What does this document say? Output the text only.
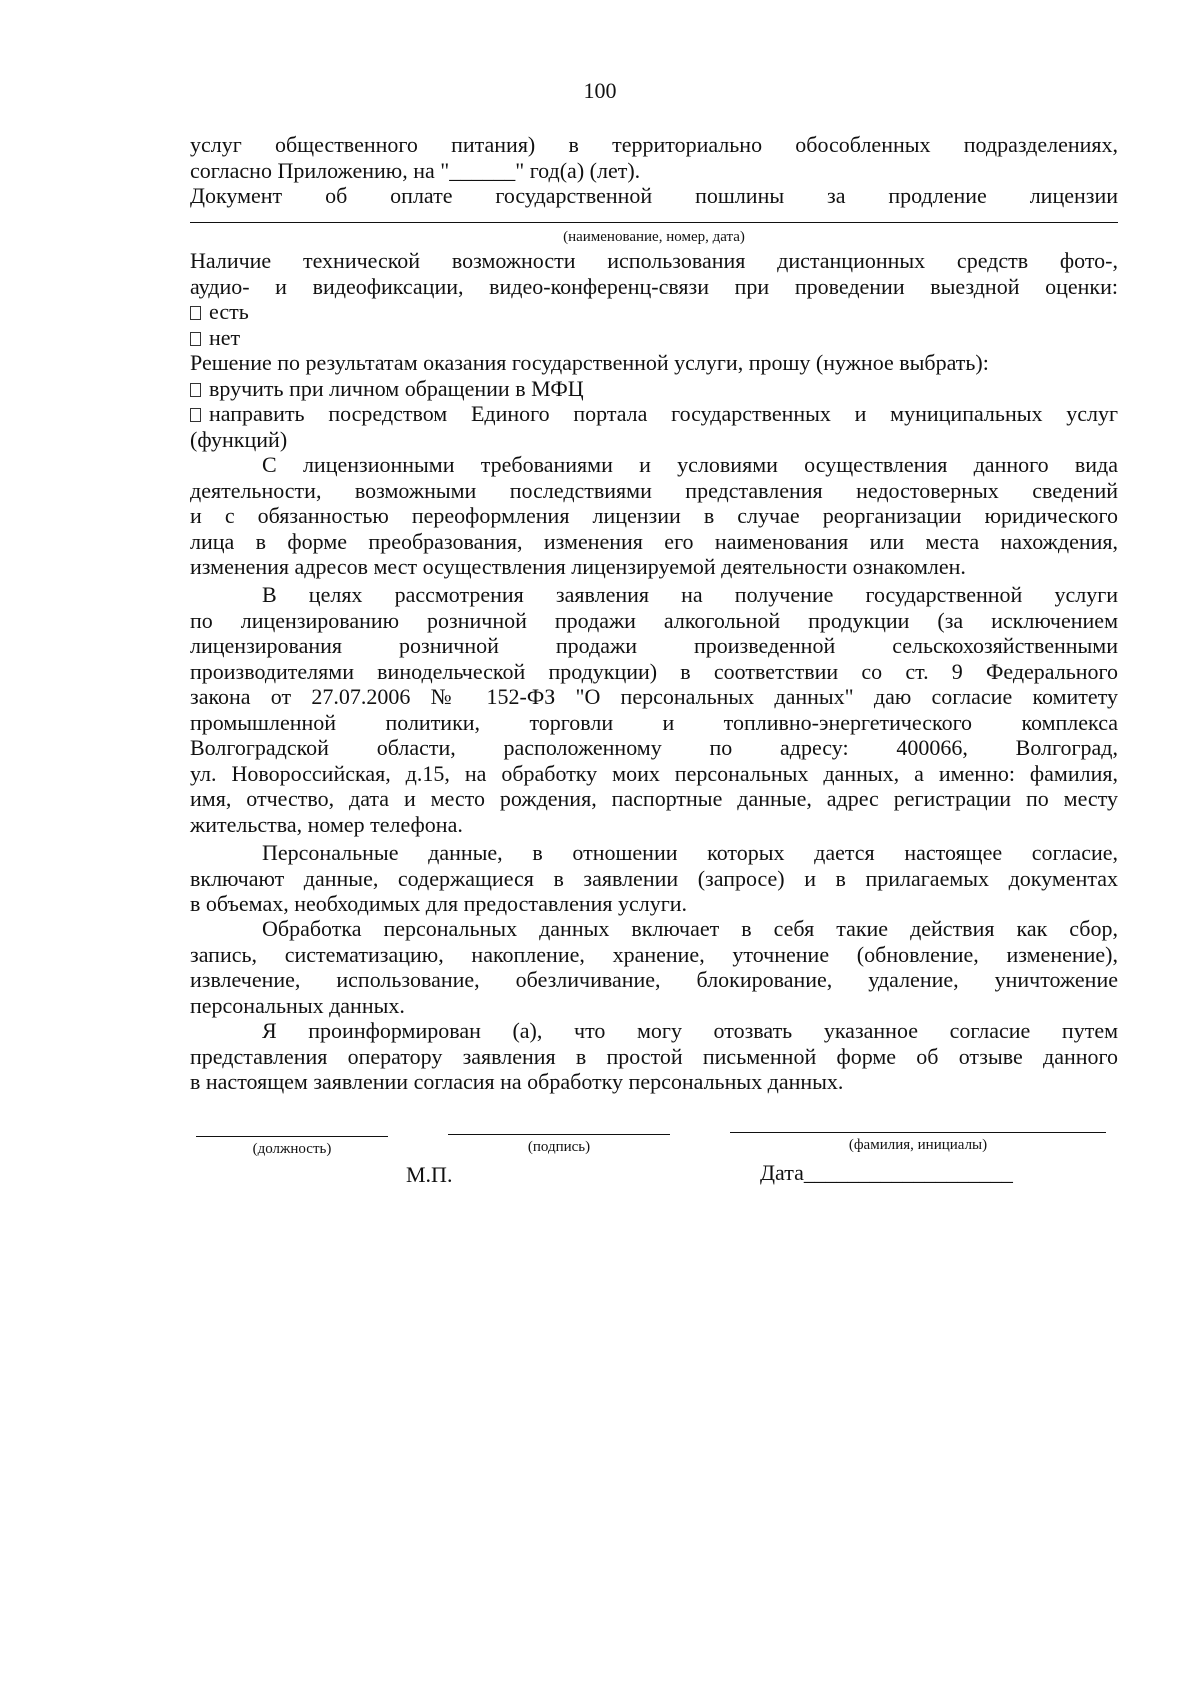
100
услуг общественного питания) в территориально обособленных подразделениях,
согласно Приложению, на "______" год(а) (лет).
Документ об оплате государственной пошлины за продление лицензии
(наименование, номер, дата)
Наличие технической возможности использования дистанционных средств фото-,
аудио- и видеофиксации, видео-конференц-связи при проведении выездной оценки:
есть
нет
Решение по результатам оказания государственной услуги, прошу (нужное выбрать):
вручить при личном обращении в МФЦ
направить посредством Единого портала государственных и муниципальных услуг
(функций)
С лицензионными требованиями и условиями осуществления данного вида
деятельности, возможными последствиями представления недостоверных сведений
и с обязанностью переоформления лицензии в случае реорганизации юридического
лица в форме преобразования, изменения его наименования или места нахождения,
изменения адресов мест осуществления лицензируемой деятельности ознакомлен.
В целях рассмотрения заявления на получение государственной услуги
по лицензированию розничной продажи алкогольной продукции (за исключением
лицензирования розничной продажи произведенной сельскохозяйственными
производителями винодельческой продукции) в соответствии со ст. 9 Федерального
закона от 27.07.2006 № 152-ФЗ "О персональных данных" даю согласие комитету
промышленной политики, торговли и топливно-энергетического комплекса
Волгоградской области, расположенному по адресу: 400066, Волгоград,
ул. Новороссийская, д.15, на обработку моих персональных данных, а именно: фамилия,
имя, отчество, дата и место рождения, паспортные данные, адрес регистрации по месту
жительства, номер телефона.
Персональные данные, в отношении которых дается настоящее согласие,
включают данные, содержащиеся в заявлении (запросе) и в прилагаемых документах
в объемах, необходимых для предоставления услуги.
Обработка персональных данных включает в себя такие действия как сбор,
запись, систематизацию, накопление, хранение, уточнение (обновление, изменение),
извлечение, использование, обезличивание, блокирование, удаление, уничтожение
персональных данных.
Я проинформирован (а), что могу отозвать указанное согласие путем
представления оператору заявления в простой письменной форме об отзыве данного
в настоящем заявлении согласия на обработку персональных данных.
(должность)	(подпись)	(фамилия, инициалы)
М.П.	Дата___________________
